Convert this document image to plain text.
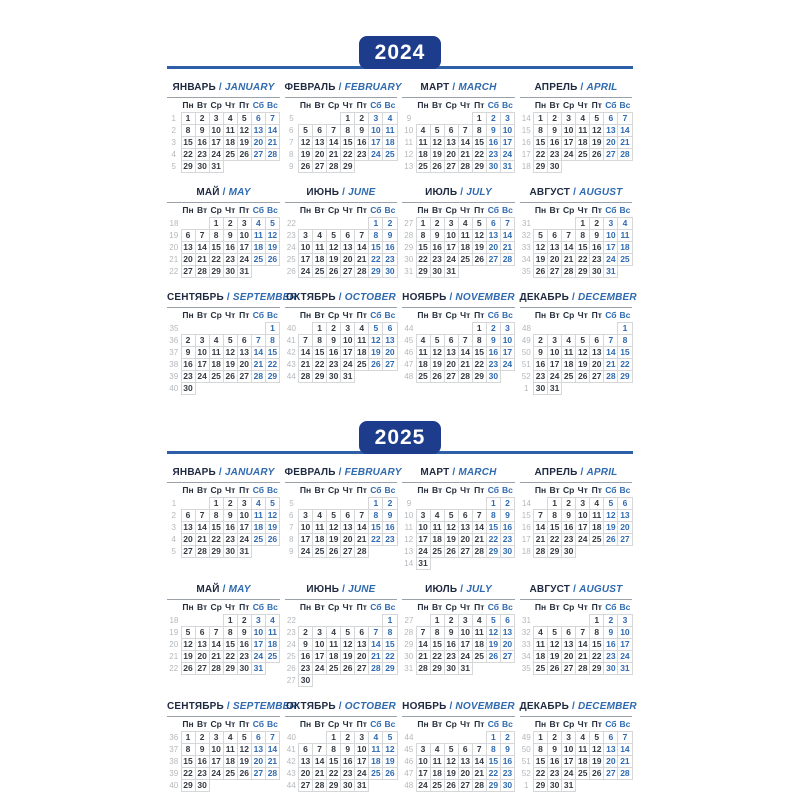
2024
ЯНВАРЬ / JANUARY
	Пн	Вт	Ср	Чт	Пт	Сб	Вс
1	1	2	3	4	5	6	7
2	8	9	10	11	12	13	14
3	15	16	17	18	19	20	21
4	22	23	24	25	26	27	28
5	29	30	31				
ФЕВРАЛЬ / FEBRUARY
	Пн	Вт	Ср	Чт	Пт	Сб	Вс
5				1	2	3	4
6	5	6	7	8	9	10	11
7	12	13	14	15	16	17	18
8	19	20	21	22	23	24	25
9	26	27	28	29			
МАРТ / MARCH
	Пн	Вт	Ср	Чт	Пт	Сб	Вс
9					1	2	3
10	4	5	6	7	8	9	10
11	11	12	13	14	15	16	17
12	18	19	20	21	22	23	24
13	25	26	27	28	29	30	31
АПРЕЛЬ / APRIL
	Пн	Вт	Ср	Чт	Пт	Сб	Вс
14	1	2	3	4	5	6	7
15	8	9	10	11	12	13	14
16	15	16	17	18	19	20	21
17	22	23	24	25	26	27	28
18	29	30					
МАЙ / MAY
	Пн	Вт	Ср	Чт	Пт	Сб	Вс
18			1	2	3	4	5
19	6	7	8	9	10	11	12
20	13	14	15	16	17	18	19
21	20	21	22	23	24	25	26
22	27	28	29	30	31		
ИЮНЬ / JUNE
	Пн	Вт	Ср	Чт	Пт	Сб	Вс
22						1	2
23	3	4	5	6	7	8	9
24	10	11	12	13	14	15	16
25	17	18	19	20	21	22	23
26	24	25	26	27	28	29	30
ИЮЛЬ / JULY
	Пн	Вт	Ср	Чт	Пт	Сб	Вс
27	1	2	3	4	5	6	7
28	8	9	10	11	12	13	14
29	15	16	17	18	19	20	21
30	22	23	24	25	26	27	28
31	29	30	31				
АВГУСТ / AUGUST
	Пн	Вт	Ср	Чт	Пт	Сб	Вс
31				1	2	3	4
32	5	6	7	8	9	10	11
33	12	13	14	15	16	17	18
34	19	20	21	22	23	24	25
35	26	27	28	29	30	31	
СЕНТЯБРЬ / SEPTEMBER
	Пн	Вт	Ср	Чт	Пт	Сб	Вс
35							1
36	2	3	4	5	6	7	8
37	9	10	11	12	13	14	15
38	16	17	18	19	20	21	22
39	23	24	25	26	27	28	29
40	30						
ОКТЯБРЬ / OCTOBER
	Пн	Вт	Ср	Чт	Пт	Сб	Вс
40		1	2	3	4	5	6
41	7	8	9	10	11	12	13
42	14	15	16	17	18	19	20
43	21	22	23	24	25	26	27
44	28	29	30	31			
НОЯБРЬ / NOVEMBER
	Пн	Вт	Ср	Чт	Пт	Сб	Вс
44					1	2	3
45	4	5	6	7	8	9	10
46	11	12	13	14	15	16	17
47	18	19	20	21	22	23	24
48	25	26	27	28	29	30	
ДЕКАБРЬ / DECEMBER
	Пн	Вт	Ср	Чт	Пт	Сб	Вс
48							1
49	2	3	4	5	6	7	8
50	9	10	11	12	13	14	15
51	16	17	18	19	20	21	22
52	23	24	25	26	27	28	29
1	30	31					
2025
ЯНВАРЬ / JANUARY
	Пн	Вт	Ср	Чт	Пт	Сб	Вс
1			1	2	3	4	5
2	6	7	8	9	10	11	12
3	13	14	15	16	17	18	19
4	20	21	22	23	24	25	26
5	27	28	29	30	31		
ФЕВРАЛЬ / FEBRUARY
	Пн	Вт	Ср	Чт	Пт	Сб	Вс
5						1	2
6	3	4	5	6	7	8	9
7	10	11	12	13	14	15	16
8	17	18	19	20	21	22	23
9	24	25	26	27	28		
МАРТ / MARCH
	Пн	Вт	Ср	Чт	Пт	Сб	Вс
9						1	2
10	3	4	5	6	7	8	9
11	10	11	12	13	14	15	16
12	17	18	19	20	21	22	23
13	24	25	26	27	28	29	30
14	31						
АПРЕЛЬ / APRIL
	Пн	Вт	Ср	Чт	Пт	Сб	Вс
14		1	2	3	4	5	6
15	7	8	9	10	11	12	13
16	14	15	16	17	18	19	20
17	21	22	23	24	25	26	27
18	28	29	30				
МАЙ / MAY
	Пн	Вт	Ср	Чт	Пт	Сб	Вс
18				1	2	3	4
19	5	6	7	8	9	10	11
20	12	13	14	15	16	17	18
21	19	20	21	22	23	24	25
22	26	27	28	29	30	31	
ИЮНЬ / JUNE
	Пн	Вт	Ср	Чт	Пт	Сб	Вс
22							1
23	2	3	4	5	6	7	8
24	9	10	11	12	13	14	15
25	16	17	18	19	20	21	22
26	23	24	25	26	27	28	29
27	30						
ИЮЛЬ / JULY
	Пн	Вт	Ср	Чт	Пт	Сб	Вс
27		1	2	3	4	5	6
28	7	8	9	10	11	12	13
29	14	15	16	17	18	19	20
30	21	22	23	24	25	26	27
31	28	29	30	31			
АВГУСТ / AUGUST
	Пн	Вт	Ср	Чт	Пт	Сб	Вс
31					1	2	3
32	4	5	6	7	8	9	10
33	11	12	13	14	15	16	17
34	18	19	20	21	22	23	24
35	25	26	27	28	29	30	31
СЕНТЯБРЬ / SEPTEMBER
	Пн	Вт	Ср	Чт	Пт	Сб	Вс
36	1	2	3	4	5	6	7
37	8	9	10	11	12	13	14
38	15	16	17	18	19	20	21
39	22	23	24	25	26	27	28
40	29	30					
ОКТЯБРЬ / OCTOBER
	Пн	Вт	Ср	Чт	Пт	Сб	Вс
40			1	2	3	4	5
41	6	7	8	9	10	11	12
42	13	14	15	16	17	18	19
43	20	21	22	23	24	25	26
44	27	28	29	30	31		
НОЯБРЬ / NOVEMBER
	Пн	Вт	Ср	Чт	Пт	Сб	Вс
44						1	2
45	3	4	5	6	7	8	9
46	10	11	12	13	14	15	16
47	17	18	19	20	21	22	23
48	24	25	26	27	28	29	30
ДЕКАБРЬ / DECEMBER
	Пн	Вт	Ср	Чт	Пт	Сб	Вс
49	1	2	3	4	5	6	7
50	8	9	10	11	12	13	14
51	15	16	17	18	19	20	21
52	22	23	24	25	26	27	28
1	29	30	31				
